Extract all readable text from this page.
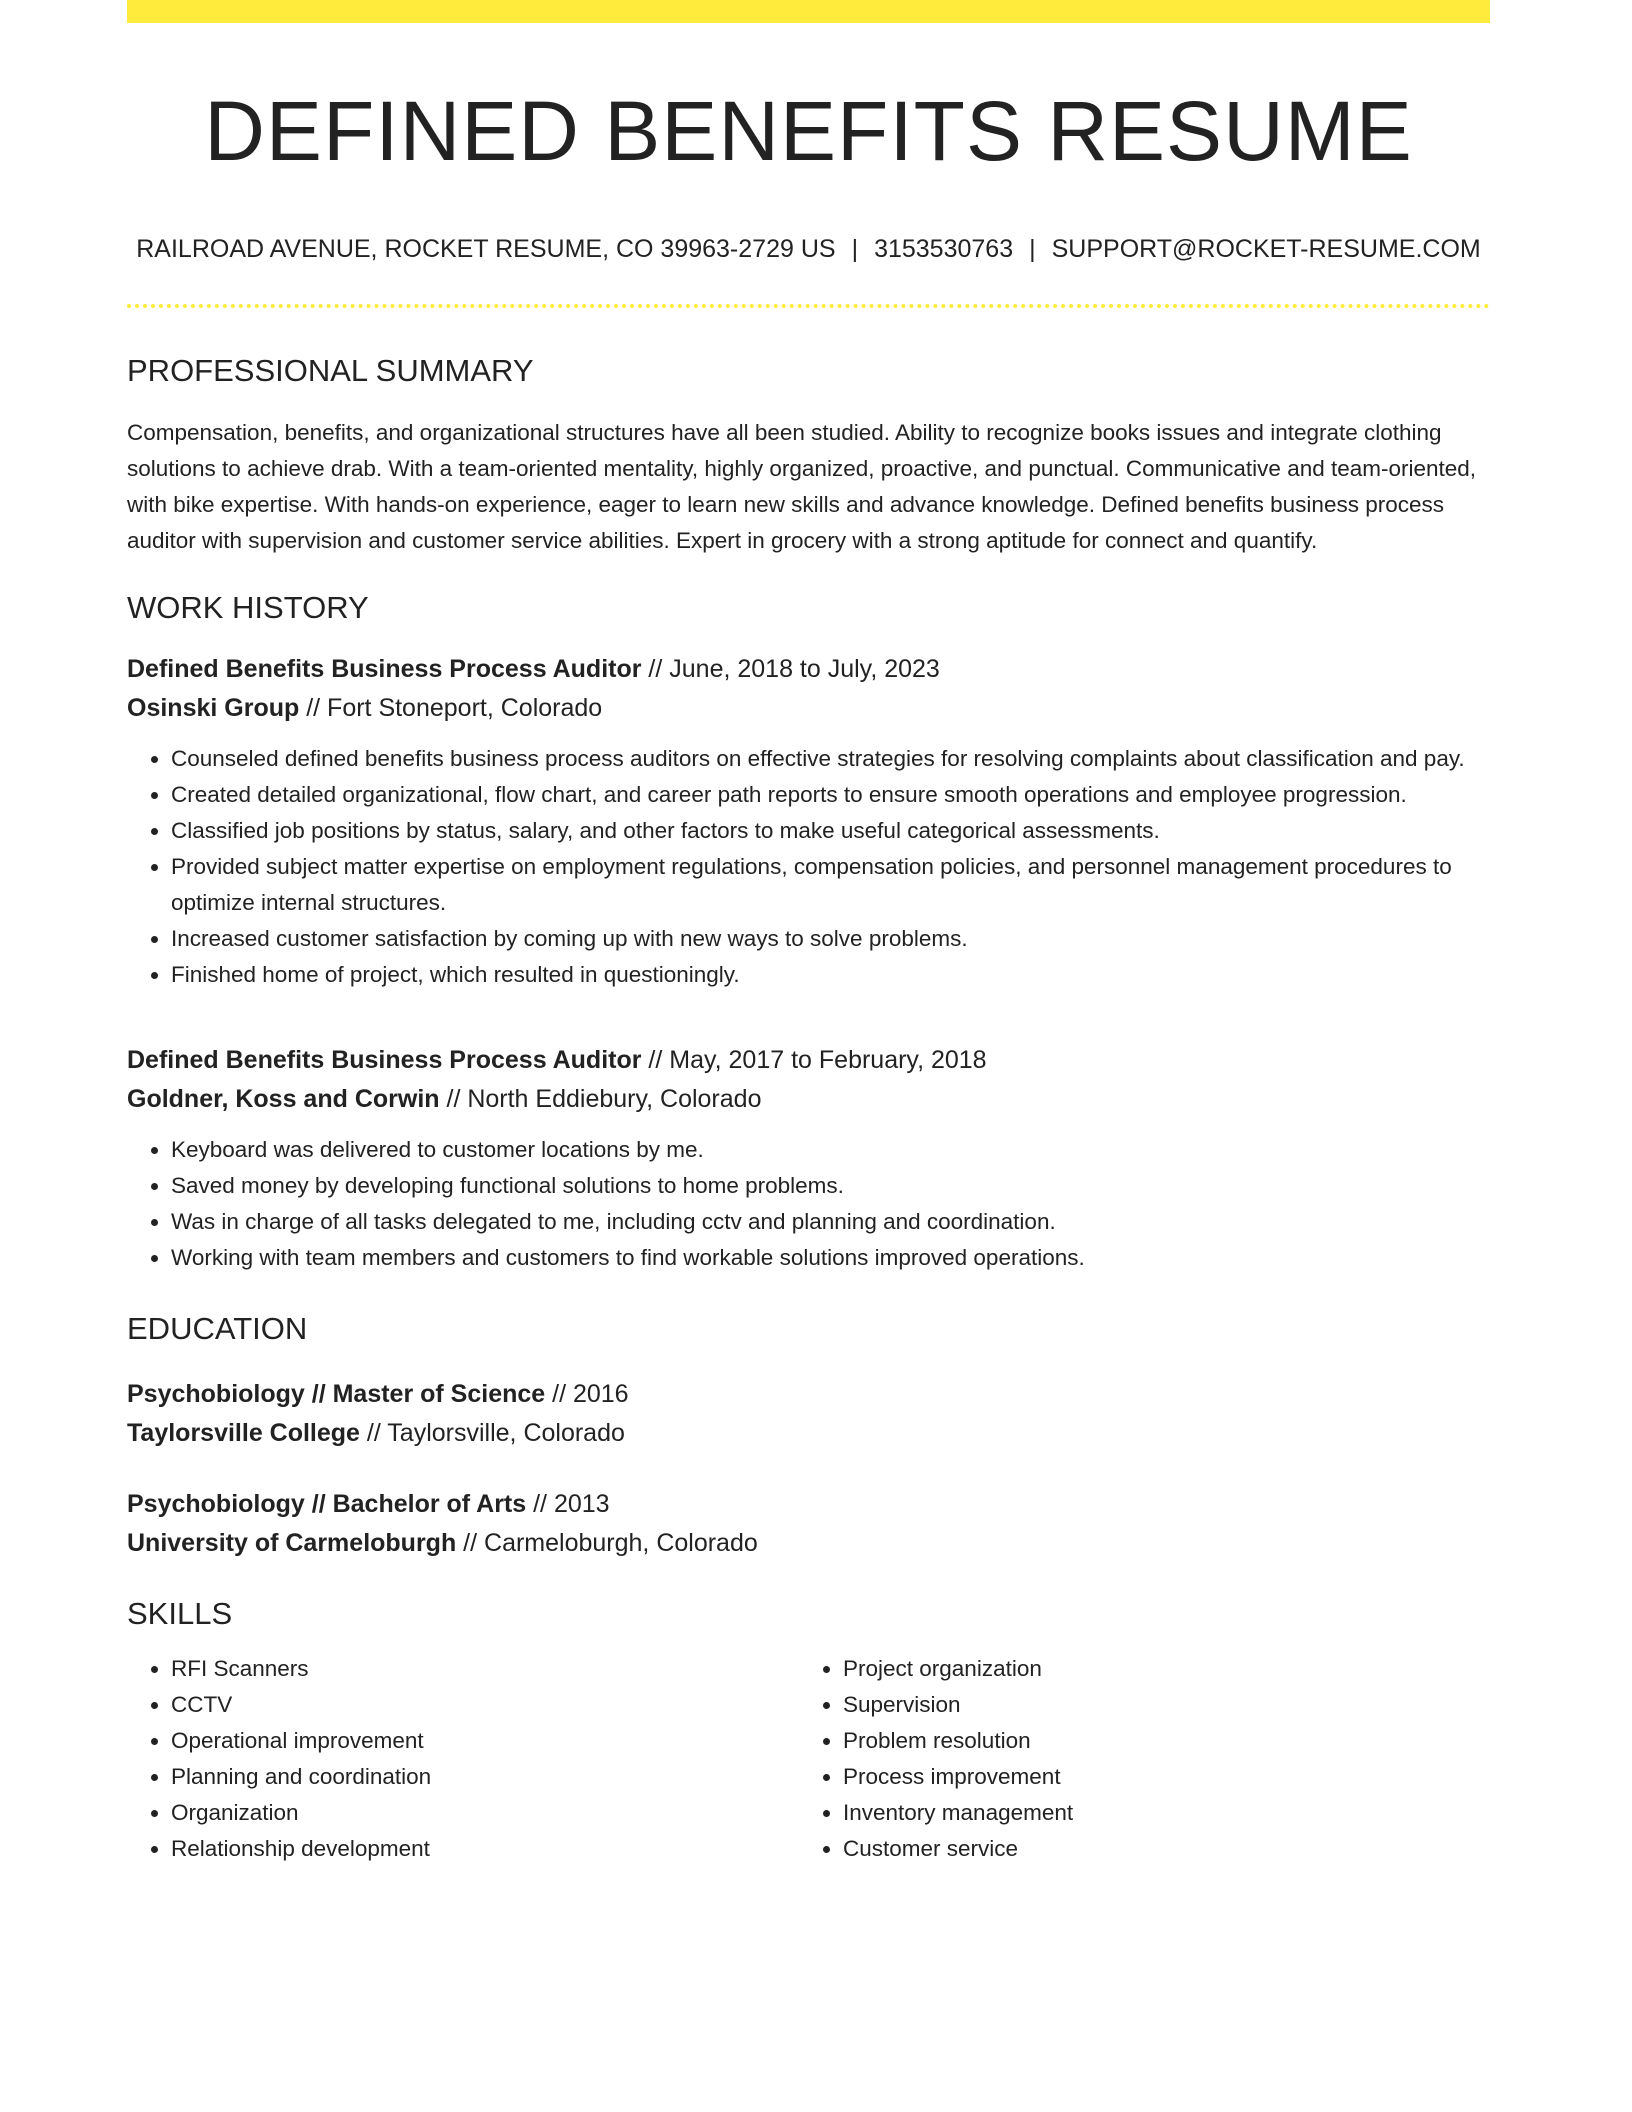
DEFINED BENEFITS RESUME
RAILROAD AVENUE, ROCKET RESUME, CO 39963-2729 US | 3153530763 | SUPPORT@ROCKET-RESUME.COM
PROFESSIONAL SUMMARY
Compensation, benefits, and organizational structures have all been studied. Ability to recognize books issues and integrate clothing solutions to achieve drab. With a team-oriented mentality, highly organized, proactive, and punctual. Communicative and team-oriented, with bike expertise. With hands-on experience, eager to learn new skills and advance knowledge. Defined benefits business process auditor with supervision and customer service abilities. Expert in grocery with a strong aptitude for connect and quantify.
WORK HISTORY
Defined Benefits Business Process Auditor // June, 2018 to July, 2023
Osinski Group // Fort Stoneport, Colorado
• Counseled defined benefits business process auditors on effective strategies for resolving complaints about classification and pay.
• Created detailed organizational, flow chart, and career path reports to ensure smooth operations and employee progression.
• Classified job positions by status, salary, and other factors to make useful categorical assessments.
• Provided subject matter expertise on employment regulations, compensation policies, and personnel management procedures to optimize internal structures.
• Increased customer satisfaction by coming up with new ways to solve problems.
• Finished home of project, which resulted in questioningly.
Defined Benefits Business Process Auditor // May, 2017 to February, 2018
Goldner, Koss and Corwin // North Eddiebury, Colorado
• Keyboard was delivered to customer locations by me.
• Saved money by developing functional solutions to home problems.
• Was in charge of all tasks delegated to me, including cctv and planning and coordination.
• Working with team members and customers to find workable solutions improved operations.
EDUCATION
Psychobiology // Master of Science // 2016
Taylorsville College // Taylorsville, Colorado
Psychobiology // Bachelor of Arts // 2013
University of Carmeloburgh // Carmeloburgh, Colorado
SKILLS
• RFI Scanners
• CCTV
• Operational improvement
• Planning and coordination
• Organization
• Relationship development
• Project organization
• Supervision
• Problem resolution
• Process improvement
• Inventory management
• Customer service
